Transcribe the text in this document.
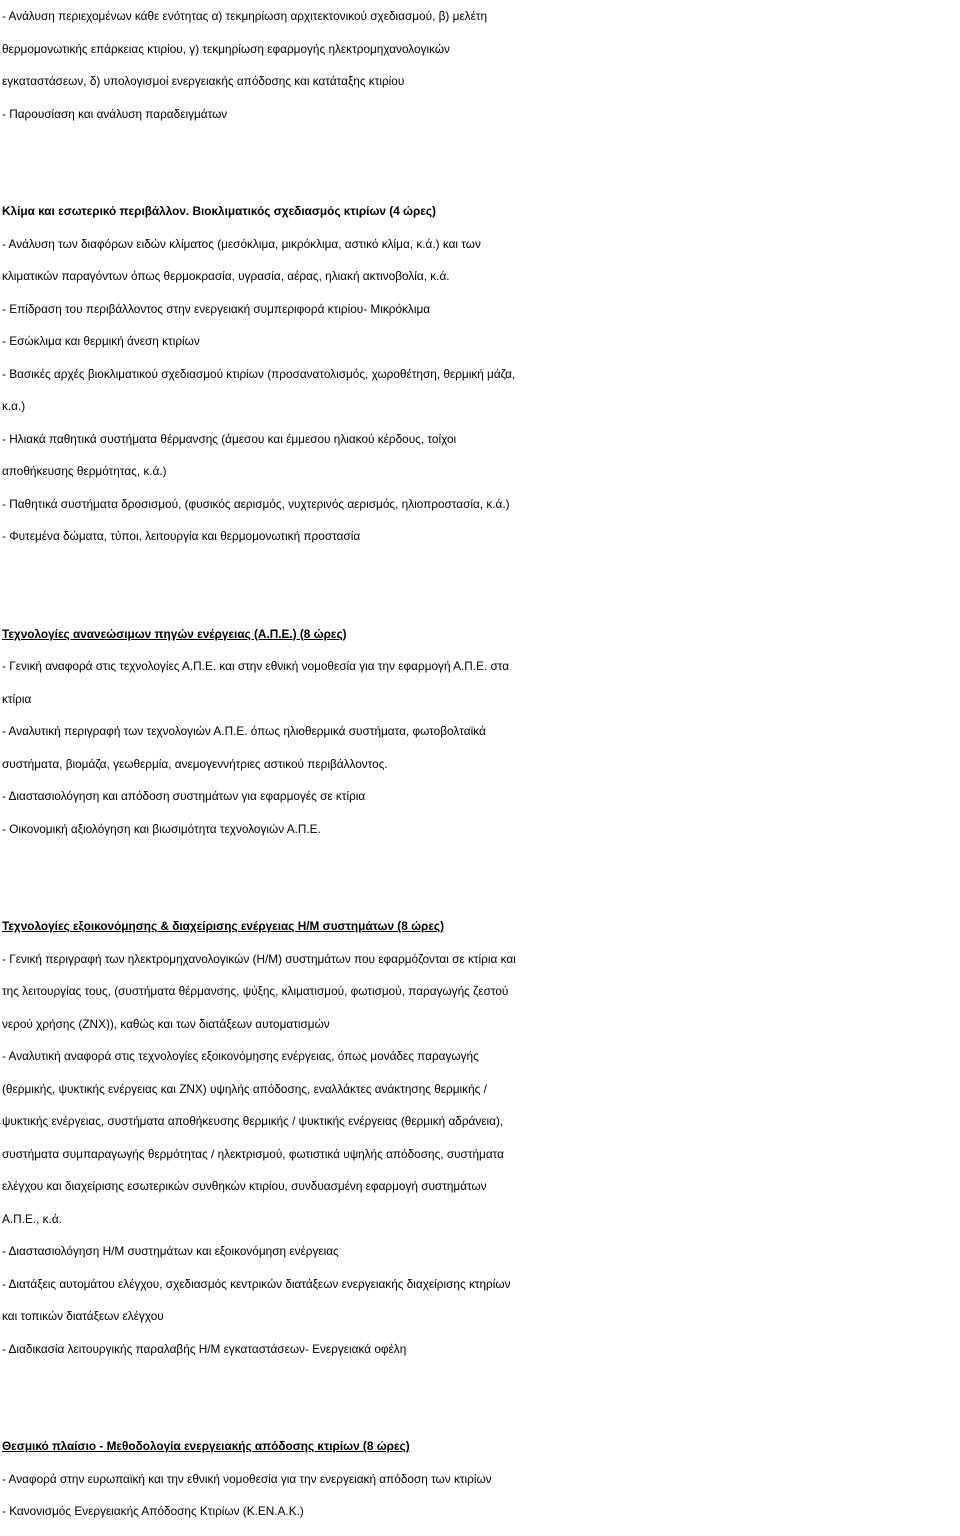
- Ανάλυση περιεχομένων κάθε ενότητας α) τεκμηρίωση αρχιτεκτονικού σχεδιασμού, β) μελέτη
θερμομονωτικής επάρκειας κτιρίου, γ) τεκμηρίωση εφαρμογής ηλεκτρομηχανολογικών
εγκαταστάσεων, δ) υπολογισμοί ενεργειακής απόδοσης και κατάταξης κτιρίου
- Παρουσίαση και ανάλυση παραδειγμάτων
Κλίμα και εσωτερικό περιβάλλον. Βιοκλιματικός σχεδιασμός κτιρίων (4 ώρες)
- Ανάλυση των διαφόρων ειδών κλίματος (μεσόκλιμα, μικρόκλιμα, αστικό κλίμα, κ.ά.) και των
κλιματικών παραγόντων όπως θερμοκρασία, υγρασία, αέρας, ηλιακή ακτινοβολία, κ.ά.
- Επίδραση του περιβάλλοντος στην ενεργειακή συμπεριφορά κτιρίου- Μικρόκλιμα
- Εσώκλιμα και θερμική άνεση κτιρίων
- Βασικές αρχές βιοκλιματικού σχεδιασμού κτιρίων (προσανατολισμός, χωροθέτηση, θερμική μάζα,
κ.α.)
- Ηλιακά παθητικά συστήματα θέρμανσης (άμεσου και έμμεσου ηλιακού κέρδους, τοίχοι
αποθήκευσης θερμότητας, κ.ά.)
- Παθητικά συστήματα δροσισμού, (φυσικός αερισμός, νυχτερινός αερισμός, ηλιοπροστασία, κ.ά.)
- Φυτεμένα δώματα, τύποι, λειτουργία και θερμομονωτική προστασία
Τεχνολογίες ανανεώσιμων πηγών ενέργειας (Α.Π.Ε.) (8 ώρες)
- Γενική αναφορά στις τεχνολογίες Α.Π.Ε. και στην εθνική νομοθεσία για την εφαρμογή Α.Π.Ε. στα
κτίρια
- Αναλυτική περιγραφή των τεχνολογιών Α.Π.Ε. όπως ηλιοθερμικά συστήματα, φωτοβολταϊκά
συστήματα, βιομάζα, γεωθερμία, ανεμογεννήτριες αστικού περιβάλλοντος.
- Διαστασιολόγηση και απόδοση συστημάτων για εφαρμογές σε κτίρια
- Οικονομική αξιολόγηση και βιωσιμότητα τεχνολογιών Α.Π.Ε.
Τεχνολογίες εξοικονόμησης & διαχείρισης ενέργειας Η/Μ συστημάτων (8 ώρες)
- Γενική περιγραφή των ηλεκτρομηχανολογικών (Η/Μ) συστημάτων που εφαρμόζονται σε κτίρια και
της λειτουργίας τους, (συστήματα θέρμανσης, ψύξης, κλιματισμού, φωτισμού, παραγωγής ζεστού
νερού χρήσης (ΖΝΧ)), καθώς και των διατάξεων αυτοματισμών
- Αναλυτική αναφορά στις τεχνολογίες εξοικονόμησης ενέργειας, όπως μονάδες παραγωγής
(θερμικής, ψυκτικής ενέργειας και ΖΝΧ) υψηλής απόδοσης, εναλλάκτες ανάκτησης θερμικής /
ψυκτικής ενέργειας, συστήματα αποθήκευσης θερμικής / ψυκτικής ενέργειας (θερμική αδράνεια),
συστήματα συμπαραγωγής θερμότητας / ηλεκτρισμού, φωτιστικά υψηλής απόδοσης, συστήματα
ελέγχου και διαχείρισης εσωτερικών συνθηκών κτιρίου, συνδυασμένη εφαρμογή συστημάτων
Α.Π.Ε., κ.ά.
- Διαστασιολόγηση Η/Μ συστημάτων και εξοικονόμηση ενέργειας
- Διατάξεις αυτομάτου ελέγχου, σχεδιασμός κεντρικών διατάξεων ενεργειακής διαχείρισης κτηρίων
και τοπικών διατάξεων ελέγχου
- Διαδικασία λειτουργικής παραλαβής Η/Μ εγκαταστάσεων- Ενεργειακά οφέλη
Θεσμικό πλαίσιο - Μεθοδολογία ενεργειακής απόδοσης κτιρίων (8 ώρες)
- Αναφορά στην ευρωπαϊκή και την εθνική νομοθεσία για την ενεργειακή απόδοση των κτιρίων
- Κανονισμός Ενεργειακής Απόδοσης Κτιρίων (Κ.ΕΝ.Α.Κ.)
